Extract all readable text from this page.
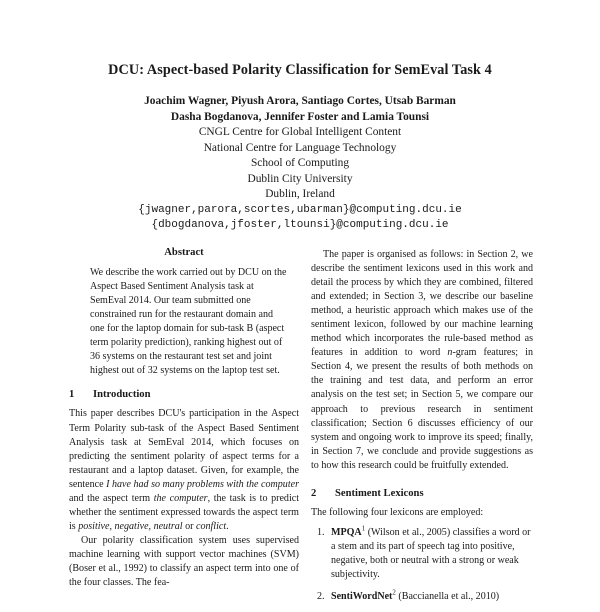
DCU: Aspect-based Polarity Classification for SemEval Task 4
Joachim Wagner, Piyush Arora, Santiago Cortes, Utsab Barman
Dasha Bogdanova, Jennifer Foster and Lamia Tounsi
CNGL Centre for Global Intelligent Content
National Centre for Language Technology
School of Computing
Dublin City University
Dublin, Ireland
{jwagner,parora,scortes,ubarman}@computing.dcu.ie
{dbogdanova,jfoster,ltounsi}@computing.dcu.ie
Abstract

We describe the work carried out by DCU on the Aspect Based Sentiment Analysis task at SemEval 2014. Our team submitted one constrained run for the restaurant domain and one for the laptop domain for sub-task B (aspect term polarity prediction), ranking highest out of 36 systems on the restaurant test set and joint highest out of 32 systems on the laptop test set.

1 Introduction

This paper describes DCU's participation in the Aspect Term Polarity sub-task of the Aspect Based Sentiment Analysis task at SemEval 2014, which focuses on predicting the sentiment polarity of aspect terms for a restaurant and a laptop dataset. Given, for example, the sentence I have had so many problems with the computer and the aspect term the computer, the task is to predict whether the sentiment expressed towards the aspect term is positive, negative, neutral or conflict.

Our polarity classification system uses supervised machine learning with support vector machines (SVM) (Boser et al., 1992) to classify an aspect term into one of the four classes. The fea-

The paper is organised as follows: in Section 2, we describe the sentiment lexicons used in this work and detail the process by which they are combined, filtered and extended; in Section 3, we describe our baseline method, a heuristic approach which makes use of the sentiment lexicon, followed by our machine learning method which incorporates the rule-based method as features in addition to word n-gram features; in Section 4, we present the results of both methods on the training and test data, and perform an error analysis on the test set; in Section 5, we compare our approach to previous research in sentiment classification; Section 6 discusses efficiency of our system and ongoing work to improve its speed; finally, in Section 7, we conclude and provide suggestions as to how this research could be fruitfully extended.

2 Sentiment Lexicons

The following four lexicons are employed:

1. MPQA$^1$ (Wilson et al., 2005) classifies a word or a stem and its part of speech tag into positive, negative, both or neutral with a strong or weak subjectivity.
2. SentiWordNet$^2$ (Baccianella et al., 2010)
